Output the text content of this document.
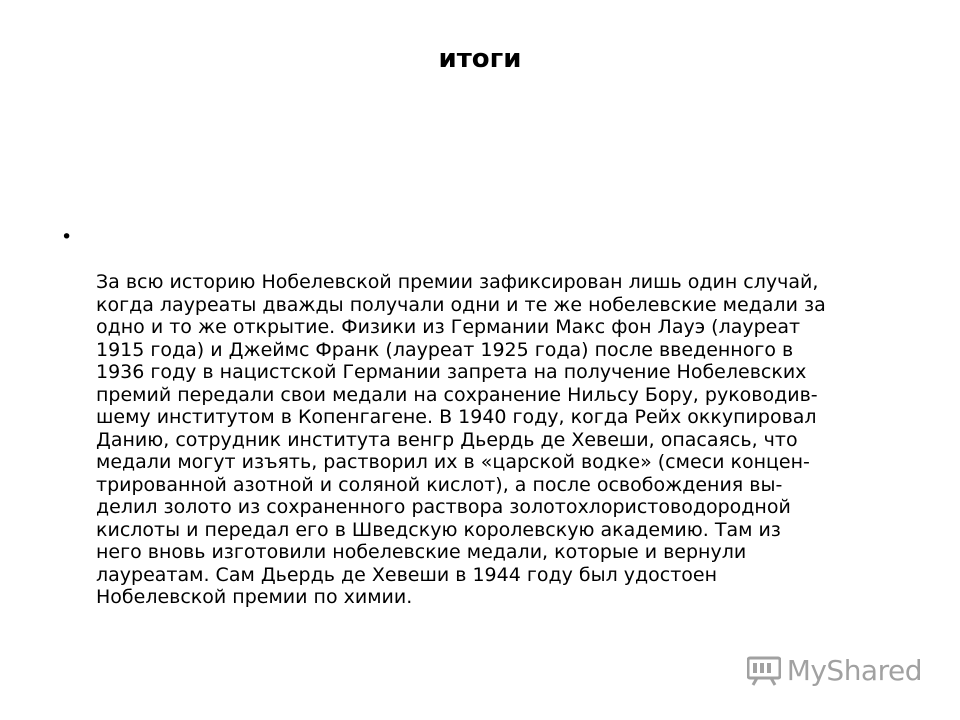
итоги

•

За всю историю Нобелевской премии зафиксирован лишь один случай,
когда лауреаты дважды получали одни и те же нобелевские медали за
одно и то же открытие. Физики из Германии Макс фон Лауэ (лауреат
1915 года) и Джеймс Франк (лауреат 1925 года) после введенного в
1936 году в нацистской Германии запрета на получение Нобелевских
премий передали свои медали на сохранение Нильсу Бору, руководив-
шему институтом в Копенгагене. В 1940 году, когда Рейх оккупировал
Данию, сотрудник института венгр Дьердь де Хевеши, опасаясь, что
медали могут изъять, растворил их в «царской водке» (смеси концен-
трированной азотной и соляной кислот), а после освобождения вы-
делил золото из сохраненного раствора золотохлористоводородной
кислоты и передал его в Шведскую королевскую академию. Там из
него вновь изготовили нобелевские медали, которые и вернули
лауреатам. Сам Дьердь де Хевеши в 1944 году был удостоен
Нобелевской премии по химии.

MyShared
